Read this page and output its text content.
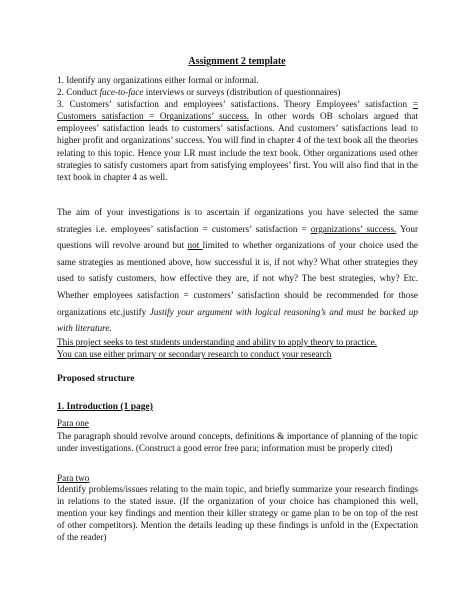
Assignment 2 template

1. Identify any organizations either formal or informal.

2. Conduct face-to-face interviews or surveys (distribution of questionnaires)

3. Customers’ satisfaction and employees’ satisfactions. Theory Employees’ satisfaction = Customers satisfaction = Organizations’ success. In other words OB scholars argued that employees’ satisfaction leads to customers’ satisfactions. And customers’ satisfactions lead to higher profit and organizations’ success. You will find in chapter 4 of the text book all the theories relating to this topic. Hence your LR must include the text book. Other organizations used other strategies to satisfy customers apart from satisfying employees’ first. You will also find that in the text book in chapter 4 as well.

The aim of your investigations is to ascertain if organizations you have selected the same strategies i.e. employees’ satisfaction = customers’ satisfaction = organizations’ success. Your questions will revolve around but not limited to whether organizations of your choice used the same strategies as mentioned above, how successful it is, if not why? What other strategies they used to satisfy customers, how effective they are, if not why? The best strategies, why? Etc. Whether employees satisfaction = customers’ satisfaction should be recommended for those organizations etc.justify Justify your argument with logical reasoning’s and must be backed up with literature.

This project seeks to test students understanding and ability to apply theory to practice.

You can use either primary or secondary research to conduct your research

Proposed structure
1. Introduction (1 page)

Para one

The paragraph should revolve around concepts, definitions & importance of planning of the topic under investigations. (Construct a good error free para; information must be properly cited)

Para two

Identify problems/issues relating to the main topic, and briefly summarize your research findings in relations to the stated issue. (If the organization of your choice has championed this well, mention your key findings and mention their killer strategy or game plan to be on top of the rest of other competitors). Mention the details leading up these findings is unfold in the (Expectation of the reader)
